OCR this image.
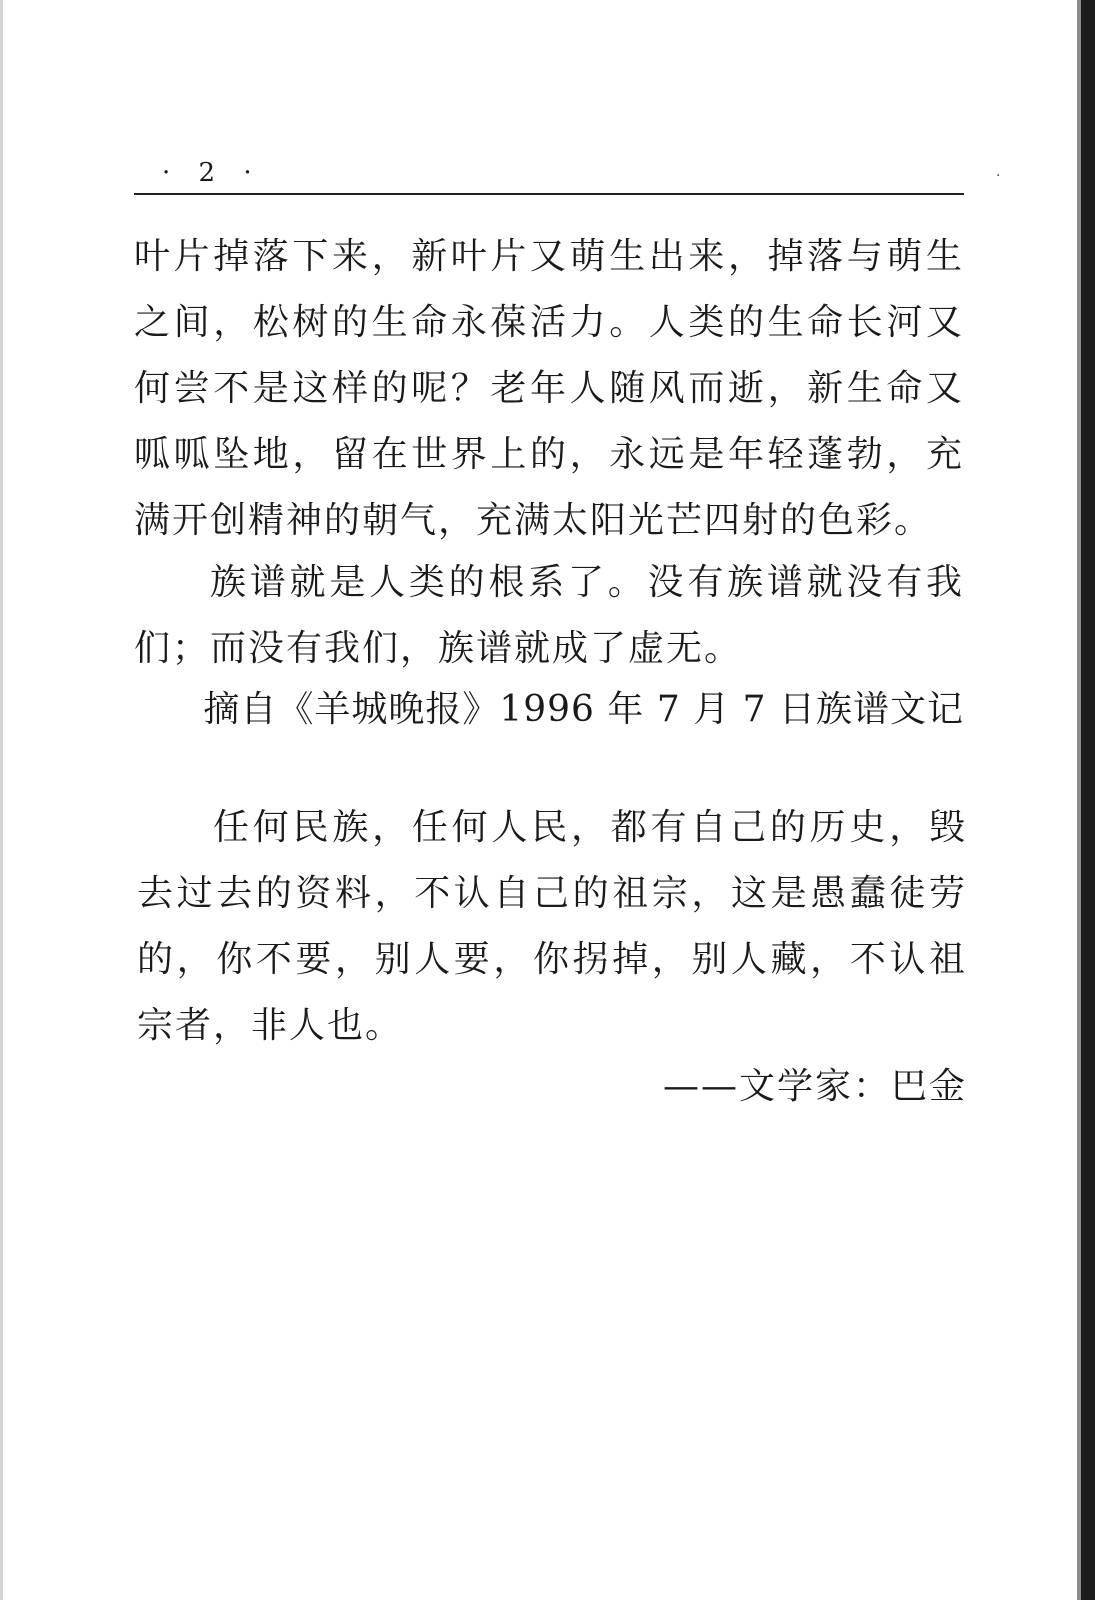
· 2 ·	·
叶片掉落下来，新叶片又萌生出来，掉落与萌生之间，松树的生命永葆活力。人类的生命长河又何尝不是这样的呢？老年人随风而逝，新生命又呱呱坠地，留在世界上的，永远是年轻蓬勃，充满开创精神的朝气，充满太阳光芒四射的色彩。
族谱就是人类的根系了。没有族谱就没有我们；而没有我们，族谱就成了虚无。
摘自《羊城晚报》1996 年 7 月 7 日族谱文记
任何民族，任何人民，都有自己的历史，毁去过去的资料，不认自己的祖宗，这是愚蠢徒劳的，你不要，别人要，你拐掉，别人藏，不认祖宗者，非人也。
——文学家：巴金
